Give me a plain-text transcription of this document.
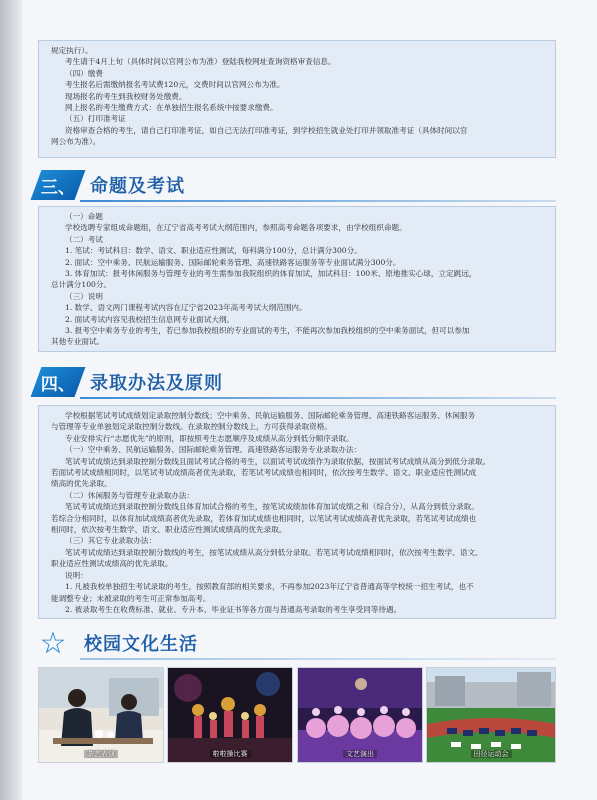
规定执行）。

考生请于4月上旬（具体时间以官网公布为准）登陆我校网址查询资格审查信息。

（四）缴费

考生报名后需缴纳报名考试费120元，交费时间以官网公布为准。

现场报名的考生到我校财务处缴费。

网上报名的考生缴费方式：在单独招生报名系统中按要求缴费。

（五）打印准考证

资格审查合格的考生，请自己打印准考证，如自己无法打印准考证，到学校招生就业处打印并领取准考证（具体时间以官

网公布为准）。

三、 命题及考试

（一）命题

学校选聘专家组成命题组，在辽宁省高考考试大纲范围内，参照高考命题各项要求，由学校组织命题。

（二）考试

1. 笔试：考试科目：数学、语文、职业适应性测试，每科满分100分，总计满分300分。

2. 面试：空中乘务、民航运输服务、国际邮轮乘务管理、高速铁路客运服务等专业面试满分300分。

3. 体育加试：报考休闲服务与管理专业的考生需参加我院组织的体育加试，加试科目：100米、原地推实心球，立定跳远，

总计满分100分。

（三）说明

1. 数学、语文两门课程考试内容在辽宁省2023年高考考试大纲范围内。

2. 面试考试内容见我校招生信息网专业面试大纲。

3. 报考空中乘务专业的考生，若已参加我校组织的专业面试的考生，不能再次参加我校组织的空中乘务面试，但可以参加

其他专业面试。

四、 录取办法及原则

学校根据笔试考试成绩划定录取控制分数线；空中乘务、民航运输服务、国际邮轮乘务管理、高速铁路客运服务、休闲服务

与管理等专业单独划定录取控制分数线。在录取控制分数线上，方可获得录取资格。

专业安排实行“志愿优先”的原则，即按照考生志愿顺序及成绩从高分到低分顺序录取。

（一）空中乘务、民航运输服务、国际邮轮乘务管理、高速铁路客运服务专业录取办法：

笔试考试成绩达到录取控制分数线且面试考试合格的考生，以面试考试成绩作为录取依据，按面试考试成绩从高分到低分录取。

若面试考试成绩相同时，以笔试考试成绩高者优先录取，若笔试考试成绩也相同时，依次按考生数学、语文、职业适应性测试成

绩高的优先录取。

（二）休闲服务与管理专业录取办法：

笔试考试成绩达到录取控制分数线且体育加试合格的考生，按笔试成绩加体育加试成绩之和（综合分），从高分到低分录取。

若综合分相同时，以体育加试成绩高者优先录取，若体育加试成绩也相同时，以笔试考试成绩高者优先录取，若笔试考试成绩也

相同时，依次按考生数学、语文、职业适应性测试成绩高的优先录取。

（三）其它专业录取办法：

笔试考试成绩达到录取控制分数线的考生，按笔试成绩从高分到低分录取。若笔试考试成绩相同时，依次按考生数学、语文、

职业适应性测试成绩高的优先录取。

说明：

1. 凡被我校单独招生考试录取的考生，按照教育部的相关要求，不再参加2023年辽宁省普通高等学校统一招生考试，也不

能调整专业；未被录取的考生可正常参加高考。

2. 被录取考生在收费标准、就业、专升本、毕业证书等各方面与普通高考录取的考生享受同等待遇。

☆ 校园文化生活
茶艺表演	啦啦操比赛	文艺演出	田径运动会
